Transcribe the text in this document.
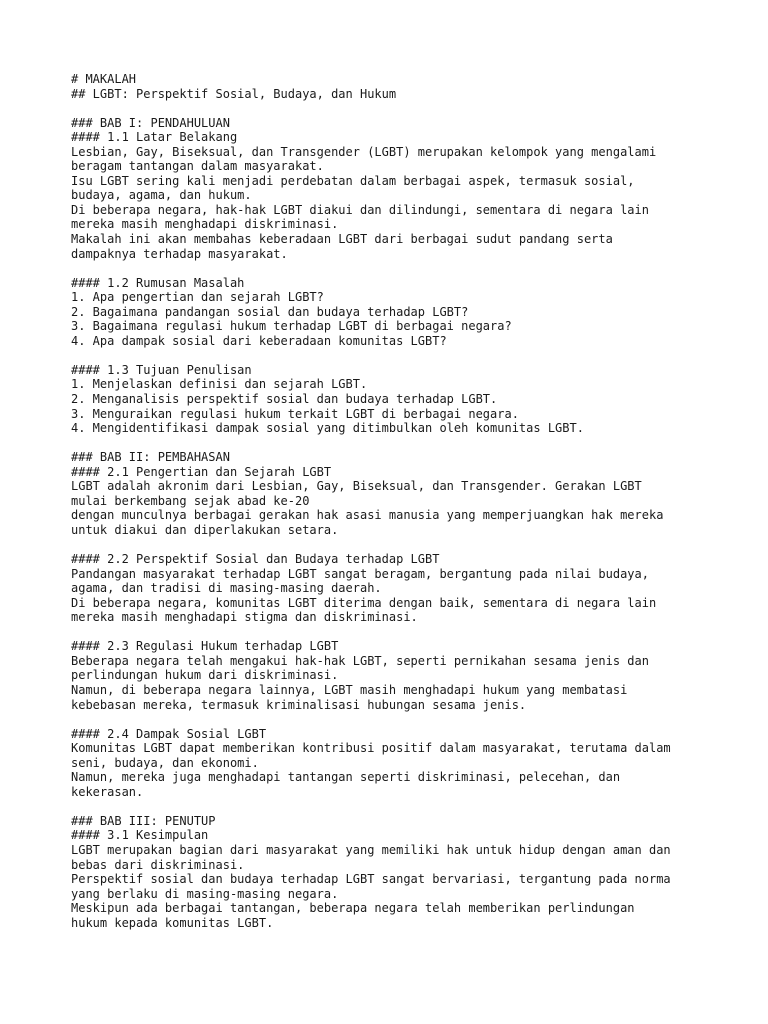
# MAKALAH
## LGBT: Perspektif Sosial, Budaya, dan Hukum
### BAB I: PENDAHULUAN
#### 1.1 Latar Belakang
Lesbian, Gay, Biseksual, dan Transgender (LGBT) merupakan kelompok yang mengalami
beragam tantangan dalam masyarakat.
Isu LGBT sering kali menjadi perdebatan dalam berbagai aspek, termasuk sosial,
budaya, agama, dan hukum.
Di beberapa negara, hak-hak LGBT diakui dan dilindungi, sementara di negara lain
mereka masih menghadapi diskriminasi.
Makalah ini akan membahas keberadaan LGBT dari berbagai sudut pandang serta
dampaknya terhadap masyarakat.
#### 1.2 Rumusan Masalah
1. Apa pengertian dan sejarah LGBT?
2. Bagaimana pandangan sosial dan budaya terhadap LGBT?
3. Bagaimana regulasi hukum terhadap LGBT di berbagai negara?
4. Apa dampak sosial dari keberadaan komunitas LGBT?
#### 1.3 Tujuan Penulisan
1. Menjelaskan definisi dan sejarah LGBT.
2. Menganalisis perspektif sosial dan budaya terhadap LGBT.
3. Menguraikan regulasi hukum terkait LGBT di berbagai negara.
4. Mengidentifikasi dampak sosial yang ditimbulkan oleh komunitas LGBT.
### BAB II: PEMBAHASAN
#### 2.1 Pengertian dan Sejarah LGBT
LGBT adalah akronim dari Lesbian, Gay, Biseksual, dan Transgender. Gerakan LGBT
mulai berkembang sejak abad ke-20
dengan munculnya berbagai gerakan hak asasi manusia yang memperjuangkan hak mereka
untuk diakui dan diperlakukan setara.
#### 2.2 Perspektif Sosial dan Budaya terhadap LGBT
Pandangan masyarakat terhadap LGBT sangat beragam, bergantung pada nilai budaya,
agama, dan tradisi di masing-masing daerah.
Di beberapa negara, komunitas LGBT diterima dengan baik, sementara di negara lain
mereka masih menghadapi stigma dan diskriminasi.
#### 2.3 Regulasi Hukum terhadap LGBT
Beberapa negara telah mengakui hak-hak LGBT, seperti pernikahan sesama jenis dan
perlindungan hukum dari diskriminasi.
Namun, di beberapa negara lainnya, LGBT masih menghadapi hukum yang membatasi
kebebasan mereka, termasuk kriminalisasi hubungan sesama jenis.
#### 2.4 Dampak Sosial LGBT
Komunitas LGBT dapat memberikan kontribusi positif dalam masyarakat, terutama dalam
seni, budaya, dan ekonomi.
Namun, mereka juga menghadapi tantangan seperti diskriminasi, pelecehan, dan
kekerasan.
### BAB III: PENUTUP
#### 3.1 Kesimpulan
LGBT merupakan bagian dari masyarakat yang memiliki hak untuk hidup dengan aman dan
bebas dari diskriminasi.
Perspektif sosial dan budaya terhadap LGBT sangat bervariasi, tergantung pada norma
yang berlaku di masing-masing negara.
Meskipun ada berbagai tantangan, beberapa negara telah memberikan perlindungan
hukum kepada komunitas LGBT.
